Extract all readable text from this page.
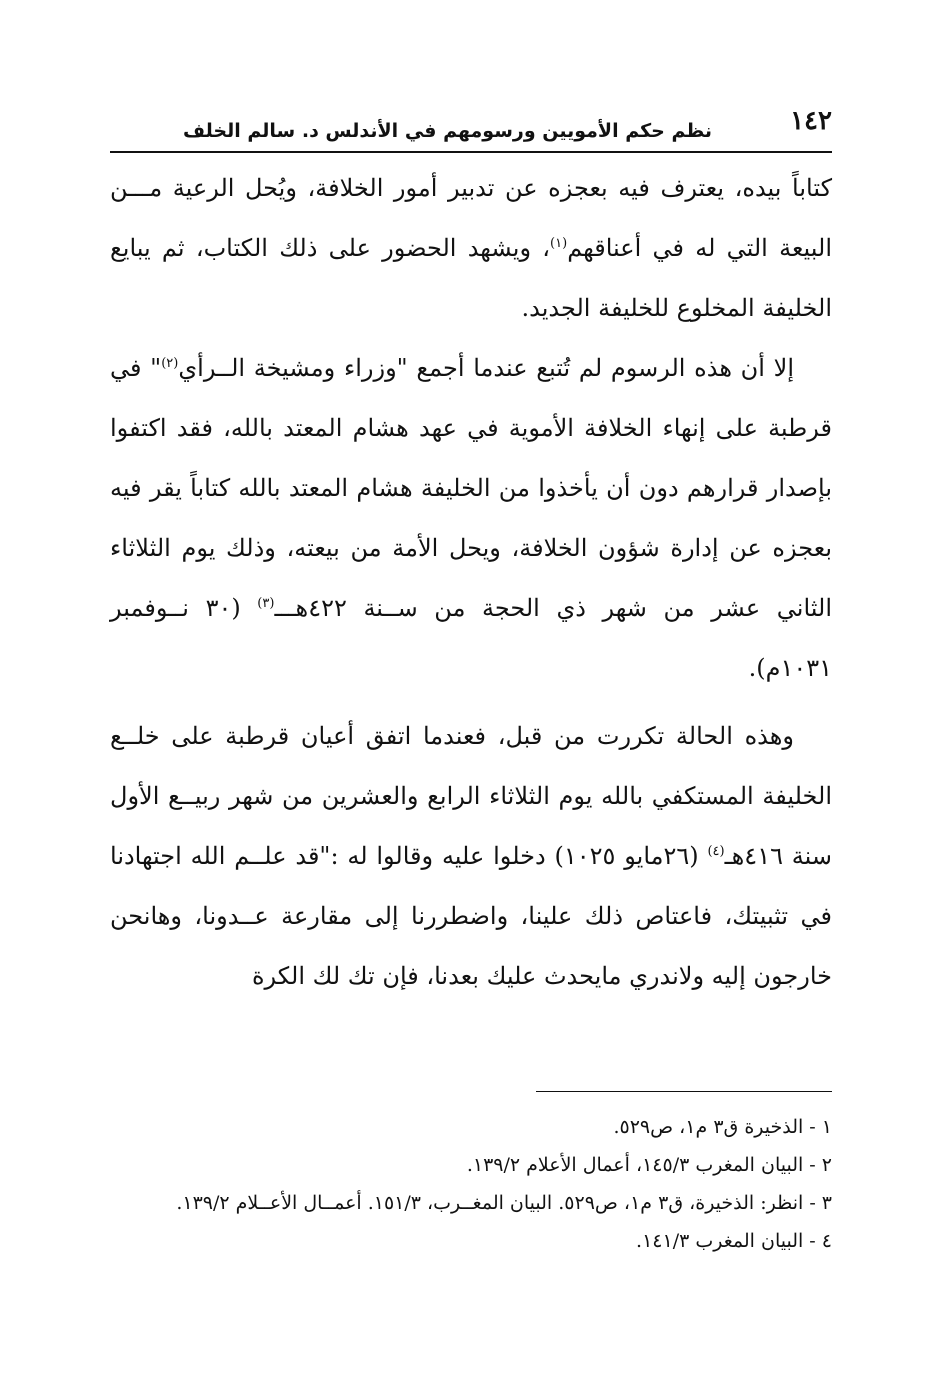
١٤٢
نظم حكم الأمويين ورسومهم في الأندلس د. سالم الخلف

كتاباً بيده، يعترف فيه بعجزه عن تدبير أمور الخلافة، ويُحل الرعية مـــن البيعة التي له في أعناقهم$^{(١)}$، ويشهد الحضور على ذلك الكتاب، ثم يبايع الخليفة المخلوع للخليفة الجديد.

إلا أن هذه الرسوم لم تُتبع عندما أجمع "وزراء ومشيخة الــرأي$^{(٢)}$" في قرطبة على إنهاء الخلافة الأموية في عهد هشام المعتد بالله، فقد اكتفوا بإصدار قرارهم دون أن يأخذوا من الخليفة هشام المعتد بالله كتاباً يقر فيه بعجزه عن إدارة شؤون الخلافة، ويحل الأمة من بيعته، وذلك يوم الثلاثاء الثاني عشر من شهر ذي الحجة من ســنة ٤٢٢هـــ$^{(٣)}$ (٣٠ نــوفمبر ١٠٣١م).

وهذه الحالة تكررت من قبل، فعندما اتفق أعيان قرطبة على خلــع الخليفة المستكفي بالله يوم الثلاثاء الرابع والعشرين من شهر ربيــع الأول سنة ٤١٦هـ$^{(٤)}$ (٢٦مايو ١٠٢٥) دخلوا عليه وقالوا له :"قد علــم الله اجتهادنا في تثبيتك، فاعتاص ذلك علينا، واضطررنا إلى مقارعة عــدونا، وهانحن خارجون إليه ولاندري مايحدث عليك بعدنا، فإن تك لك الكرة

١ - الذخيرة ق٣ م١، ص٥٢٩.

٢ - البيان المغرب ١٤٥/٣، أعمال الأعلام ١٣٩/٢.

٣ - انظر: الذخيرة، ق٣ م١، ص٥٢٩. البيان المغــرب، ١٥١/٣. أعمــال الأعــلام ١٣٩/٢.

٤ - البيان المغرب ١٤١/٣.
